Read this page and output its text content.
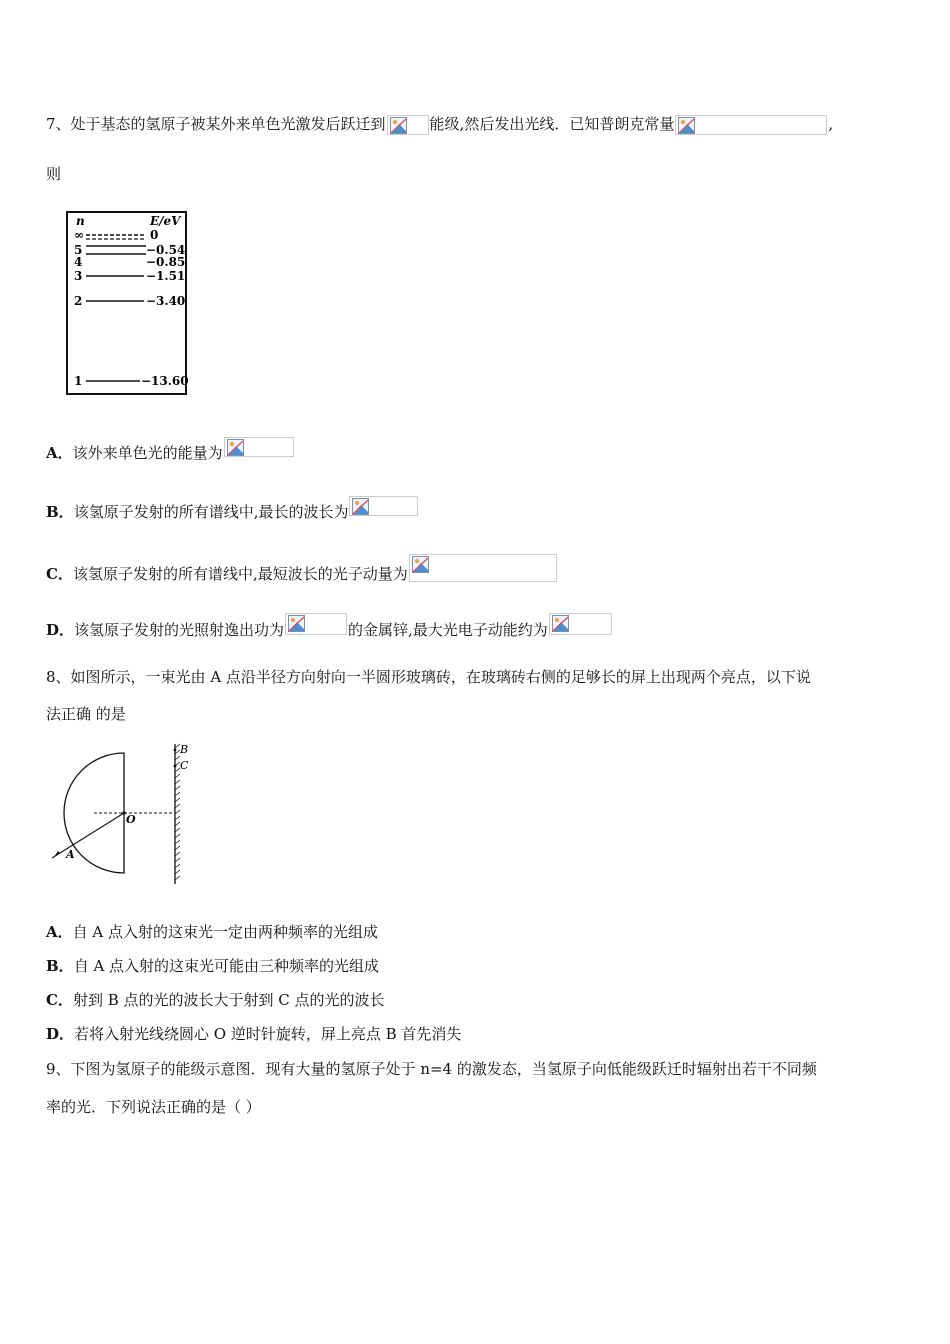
7、处于基态的氢原子被某外来单色光激发后跃迁到	能级,然后发出光线．已知普朗克常量	,
则
n	E/eV
∞	0
5	−0.54
4	−0.85
3	−1.51
2	−3.40
1	−13.60
A．该外来单色光的能量为
B．该氢原子发射的所有谱线中,最长的波长为
C．该氢原子发射的所有谱线中,最短波长的光子动量为
D．该氢原子发射的光照射逸出功为	的金属锌,最大光电子动能约为
8、如图所示，一束光由 A 点沿半径方向射向一半圆形玻璃砖，在玻璃砖右侧的足够长的屏上出现两个亮点，以下说
法正确 的是
O
A
B
C
A．自 A 点入射的这束光一定由两种频率的光组成
B．自 A 点入射的这束光可能由三种频率的光组成
C．射到 B 点的光的波长大于射到 C 点的光的波长
D．若将入射光线绕圆心 O 逆时针旋转，屏上亮点 B 首先消失
9、下图为氢原子的能级示意图．现有大量的氢原子处于 n=4 的激发态，当氢原子向低能级跃迁时辐射出若干不同频
率的光．下列说法正确的是（ ）
